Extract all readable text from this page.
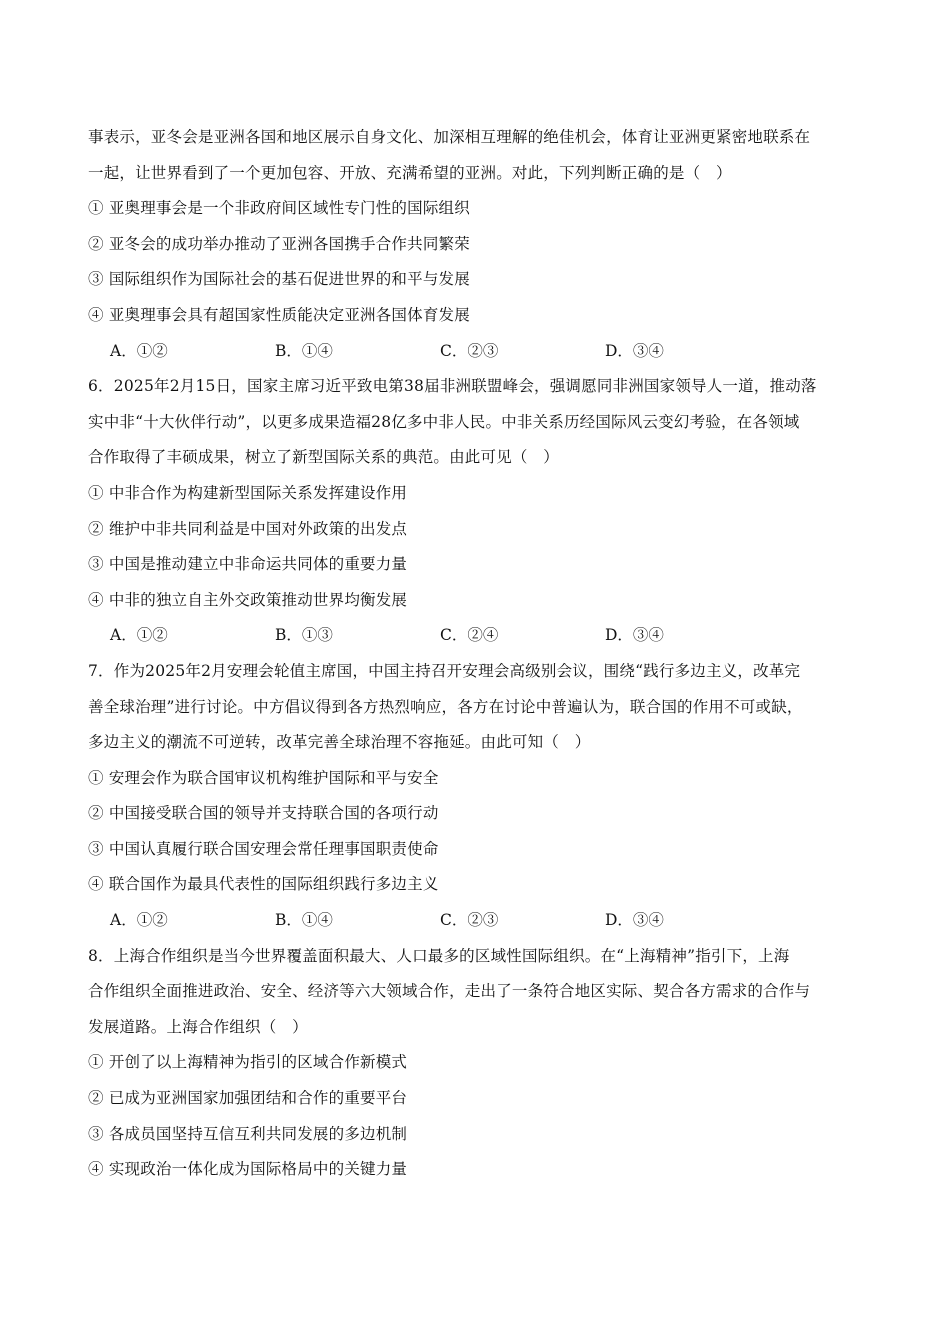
事表示，亚冬会是亚洲各国和地区展示自身文化、加深相互理解的绝佳机会，体育让亚洲更紧密地联系在
一起，让世界看到了一个更加包容、开放、充满希望的亚洲。对此，下列判断正确的是（　）
① 亚奥理事会是一个非政府间区域性专门性的国际组织
② 亚冬会的成功举办推动了亚洲各国携手合作共同繁荣
③ 国际组织作为国际社会的基石促进世界的和平与发展
④ 亚奥理事会具有超国家性质能决定亚洲各国体育发展
A．①②	B．①④	C．②③	D．③④
6．2025年2月15日，国家主席习近平致电第38届非洲联盟峰会，强调愿同非洲国家领导人一道，推动落
实中非“十大伙伴行动”，以更多成果造福28亿多中非人民。中非关系历经国际风云变幻考验，在各领域
合作取得了丰硕成果，树立了新型国际关系的典范。由此可见（　）
① 中非合作为构建新型国际关系发挥建设作用
② 维护中非共同利益是中国对外政策的出发点
③ 中国是推动建立中非命运共同体的重要力量
④ 中非的独立自主外交政策推动世界均衡发展
A．①②	B．①③	C．②④	D．③④
7．作为2025年2月安理会轮值主席国，中国主持召开安理会高级别会议，围绕“践行多边主义，改革完
善全球治理”进行讨论。中方倡议得到各方热烈响应，各方在讨论中普遍认为，联合国的作用不可或缺，
多边主义的潮流不可逆转，改革完善全球治理不容拖延。由此可知（　）
① 安理会作为联合国审议机构维护国际和平与安全
② 中国接受联合国的领导并支持联合国的各项行动
③ 中国认真履行联合国安理会常任理事国职责使命
④ 联合国作为最具代表性的国际组织践行多边主义
A．①②	B．①④	C．②③	D．③④
8．上海合作组织是当今世界覆盖面积最大、人口最多的区域性国际组织。在“上海精神”指引下，上海
合作组织全面推进政治、安全、经济等六大领域合作，走出了一条符合地区实际、契合各方需求的合作与
发展道路。上海合作组织（　）
① 开创了以上海精神为指引的区域合作新模式
② 已成为亚洲国家加强团结和合作的重要平台
③ 各成员国坚持互信互利共同发展的多边机制
④ 实现政治一体化成为国际格局中的关键力量
